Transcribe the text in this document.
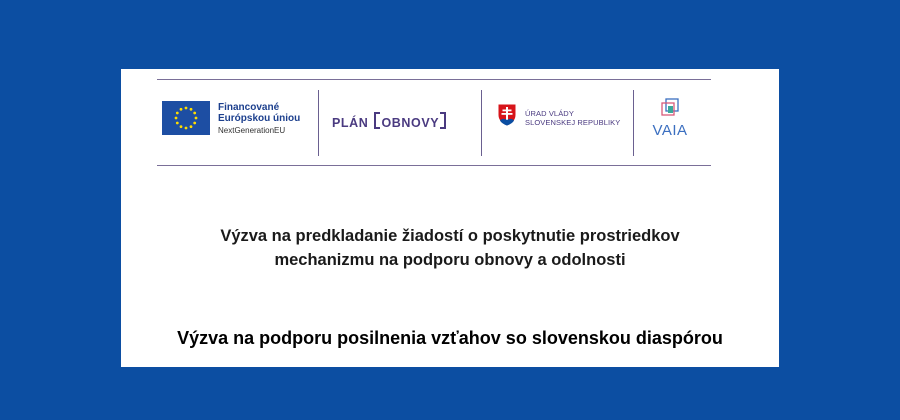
Financované
Európskou úniou
NextGenerationEU
PLÁN OBNOVY
ÚRAD VLÁDY
SLOVENSKEJ REPUBLIKY	VAIA
Výzva na predkladanie žiadostí o poskytnutie prostriedkov
mechanizmu na podporu obnovy a odolnosti
Výzva na podporu posilnenia vzťahov so slovenskou diaspórou
